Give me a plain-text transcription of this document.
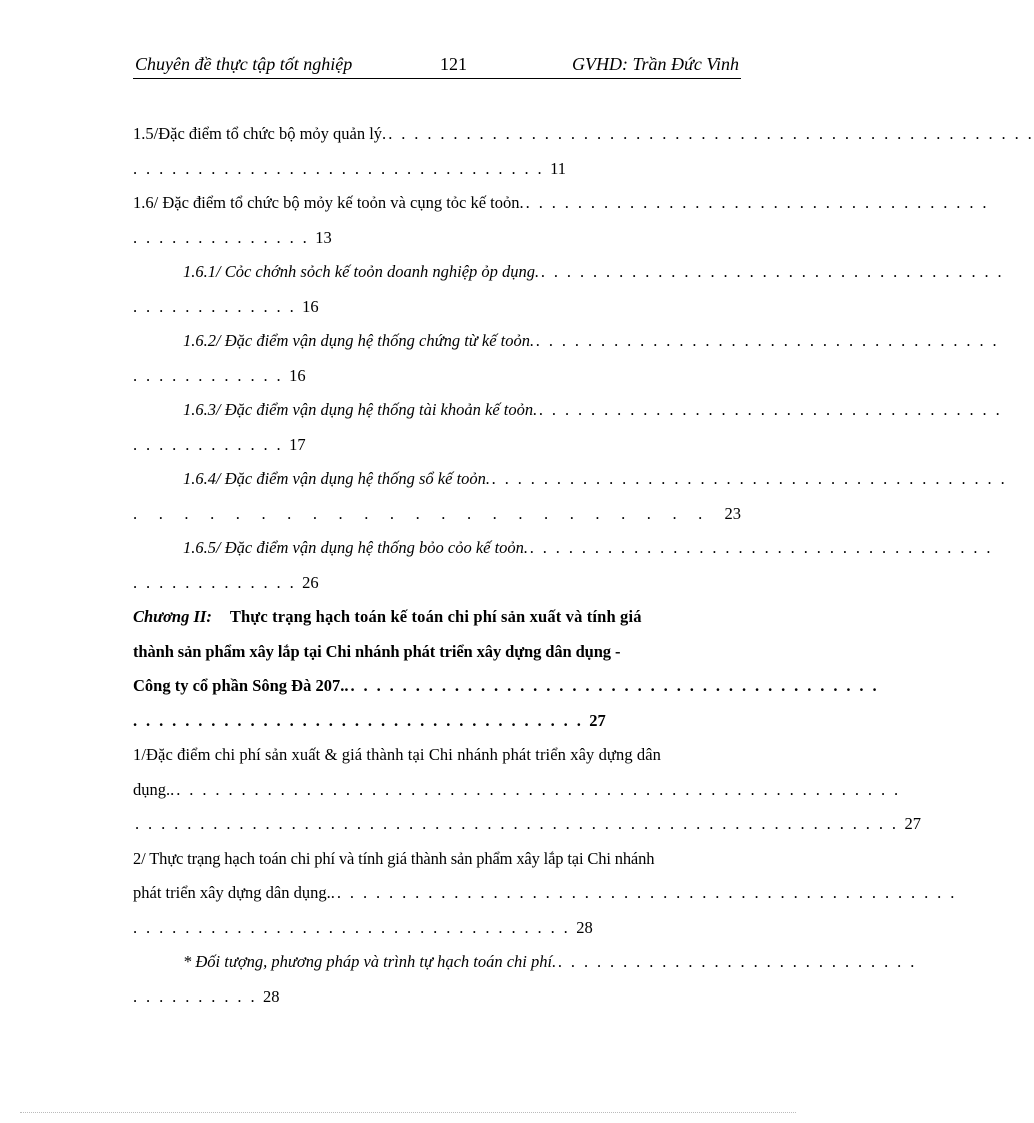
Chuyên đề thực tập tốt nghiệp	121	GVHD: Trần Đức Vinh
1.5/Đặc điểm tổ chức bộ mỏy quản lý. . . . . . . . . . . . . . . . . . . . . . . . . . . . . . . . . . . . . . . . . . . . . . . . . . .
. . . . . . . . . . . . . . . . . . . . . . . . . . . . . . . . 11
1.6/ Đặc điểm tổ chức bộ mỏy kế toỏn và cụng tỏc kế toỏn. . . . . . . . . . . . . . . . . . . . . . . . . . . . . . . . . . . . .
. . . . . . . . . . . . . . 13
1.6.1/ Cỏc chớnh sỏch kế toỏn doanh nghiệp ỏp dụng. . . . . . . . . . . . . . . . . . . . . . . . . . . . . . . . . . . . .
. . . . . . . . . . . . . 16
1.6.2/ Đặc điểm vận dụng hệ thống chứng từ kế toỏn. . . . . . . . . . . . . . . . . . . . . . . . . . . . . . . . . . . . .
. . . . . . . . . . . . 16
1.6.3/ Đặc điểm vận dụng hệ thống tài khoản kế toỏn. . . . . . . . . . . . . . . . . . . . . . . . . . . . . . . . . . . . .
. . . . . . . . . . . . 17
1.6.4/ Đặc điểm vận dụng hệ thống sổ kế toỏn. . . . . . . . . . . . . . . . . . . . . . . . . . . . . . . . . . . . . . . . .
. . . . . . . . . . . . . . . . . . . . . . .	23
1.6.5/ Đặc điểm vận dụng hệ thống bỏo cỏo kế toỏn. . . . . . . . . . . . . . . . . . . . . . . . . . . . . . . . . . . . .
. . . . . . . . . . . . . 26
Chương II: Thực trạng hạch toán kế toán chi phí sản xuất và tính giá
thành sản phẩm xây lắp tại Chi nhánh phát triển xây dựng dân dụng -
Công ty cổ phần Sông Đà 207.. . . . . . . . . . . . . . . . . . . . . . . . . . . . . . . . . . . . . . . . . .
. . . . . . . . . . . . . . . . . . . . . . . . . . . . . . . . . . . 27
1/Đặc điểm chi phí sản xuất & giá thành tại Chi nhánh phát triển xây dựng dân
dụng.. . . . . . . . . . . . . . . . . . . . . . . . . . . . . . . . . . . . . . . . . . . . . . . . . . . . . . . . .
. . . . . . . . . . . . . . . . . . . . . . . . . . . . . . . . . . . . . . . . . . . . . . . . . . . . . . . . . . . 27
2/ Thực trạng hạch toán chi phí và tính giá thành sản phẩm xây lắp tại Chi nhánh
phát triển xây dựng dân dụng.. . . . . . . . . . . . . . . . . . . . . . . . . . . . . . . . . . . . . . . . . . . . . . . . .
. . . . . . . . . . . . . . . . . . . . . . . . . . . . . . . . . . 28
* Đối tượng, phương pháp và trình tự hạch toán chi phí. . . . . . . . . . . . . . . . . . . . . . . . . . . . .
. . . . . . . . . . 28
